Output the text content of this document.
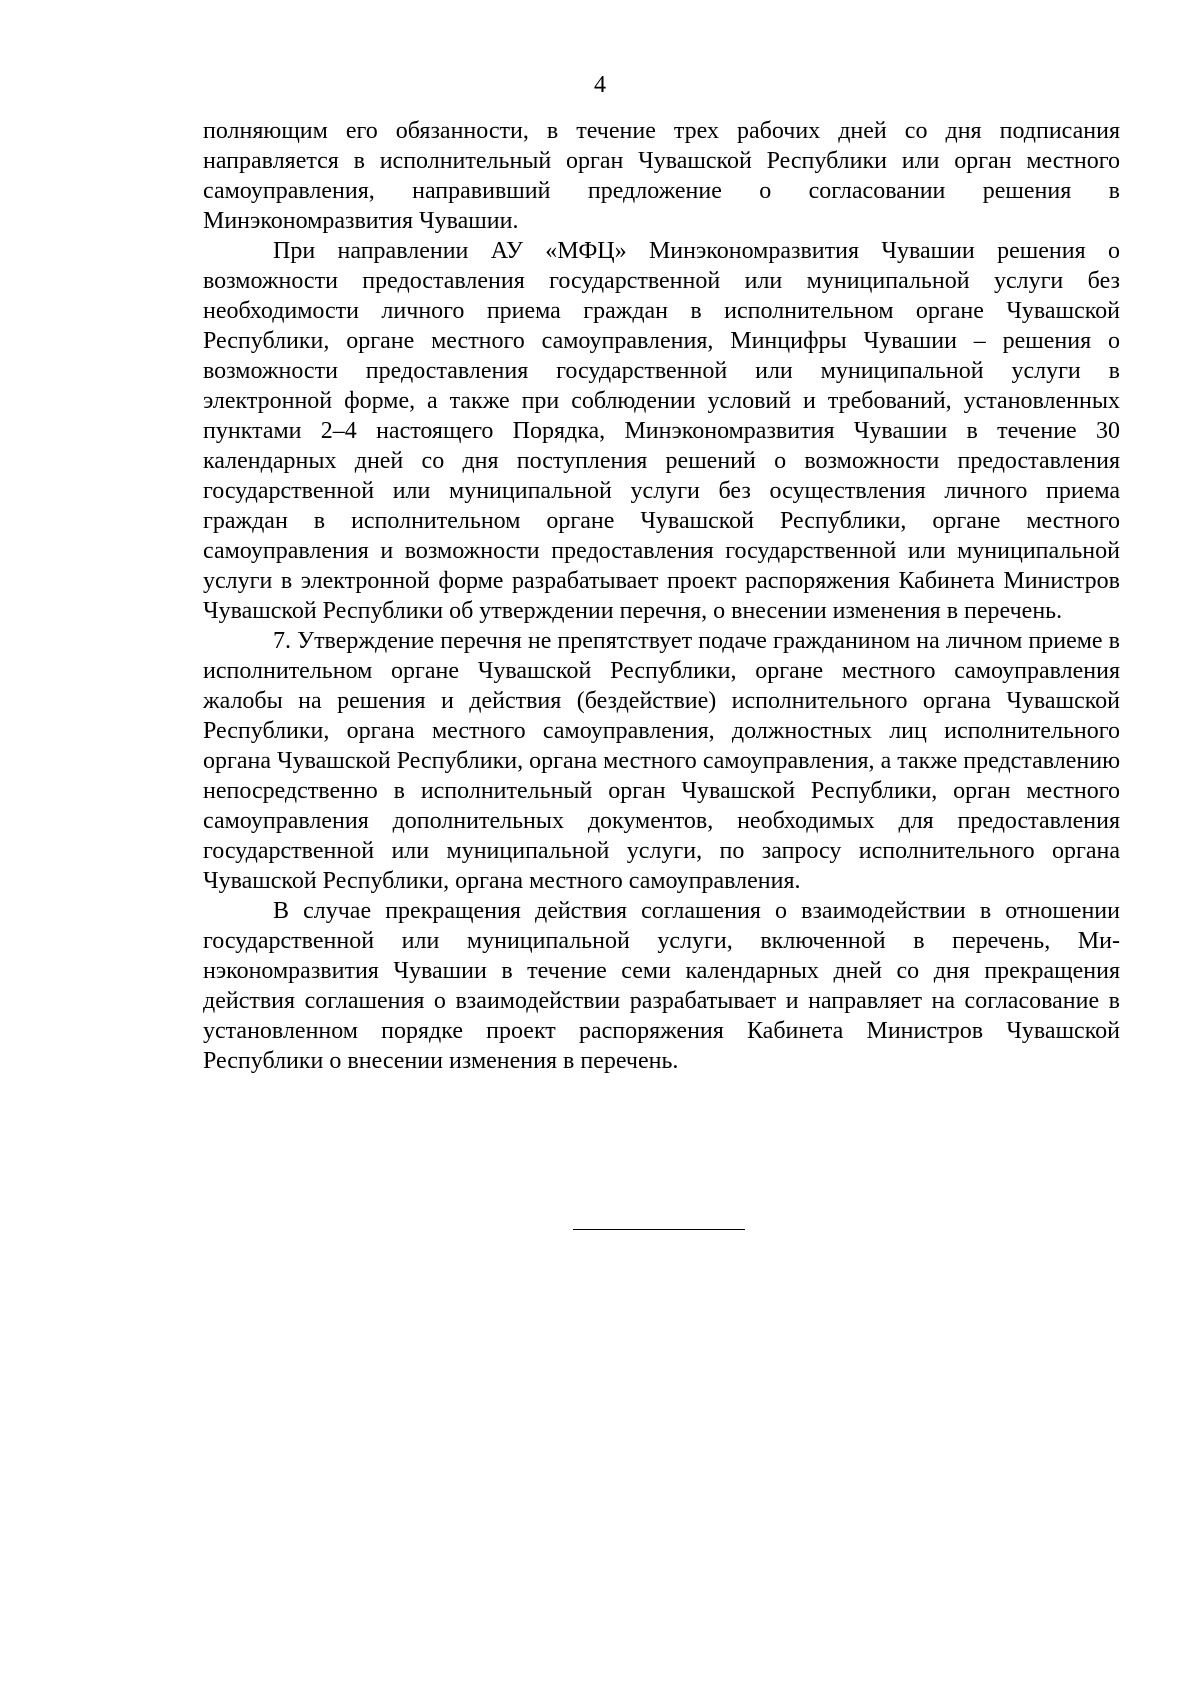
4

полняющим его обязанности, в течение трех рабочих дней со дня подписания направляется в исполнительный орган Чувашской Республики или орган местного самоуправления, направивший предложение о согласовании решения в Минэкономразвития Чувашии.

При направлении АУ «МФЦ» Минэкономразвития Чувашии решения о возможности предоставления государственной или муниципальной услуги без необходимости личного приема граждан в исполнительном органе Чувашской Республики, органе местного самоуправления, Минцифры Чувашии – решения о возможности предоставления государственной или муниципальной услуги в электронной форме, а также при соблюдении условий и требований, установленных пунктами 2–4 настоящего Порядка, Минэкономразвития Чувашии в течение 30 календарных дней со дня поступления решений о возможности предоставления государственной или муниципальной услуги без осуществления личного приема граждан в исполнительном органе Чувашской Республики, органе местного самоуправления и возможности предоставления государственной или муниципальной услуги в электронной форме разрабатывает проект распоряжения Кабинета Министров Чувашской Республики об утверждении перечня, о внесении изменения в перечень.

7. Утверждение перечня не препятствует подаче гражданином на личном приеме в исполнительном органе Чувашской Республики, органе местного самоуправления жалобы на решения и действия (бездействие) исполнительного органа Чувашской Республики, органа местного самоуправления, должностных лиц исполнительного органа Чувашской Республики, органа местного самоуправления, а также представлению непосредственно в исполнительный орган Чувашской Республики, орган местного самоуправления дополнительных документов, необходимых для предоставления государственной или муниципальной услуги, по запросу исполнительного органа Чувашской Республики, органа местного самоуправления.

В случае прекращения действия соглашения о взаимодействии в отношении государственной или муниципальной услуги, включенной в перечень, Минэкономразвития Чувашии в течение семи календарных дней со дня прекращения действия соглашения о взаимодействии разрабатывает и направляет на согласование в установленном порядке проект распоряжения Кабинета Министров Чувашской Республики о внесении изменения в перечень.
